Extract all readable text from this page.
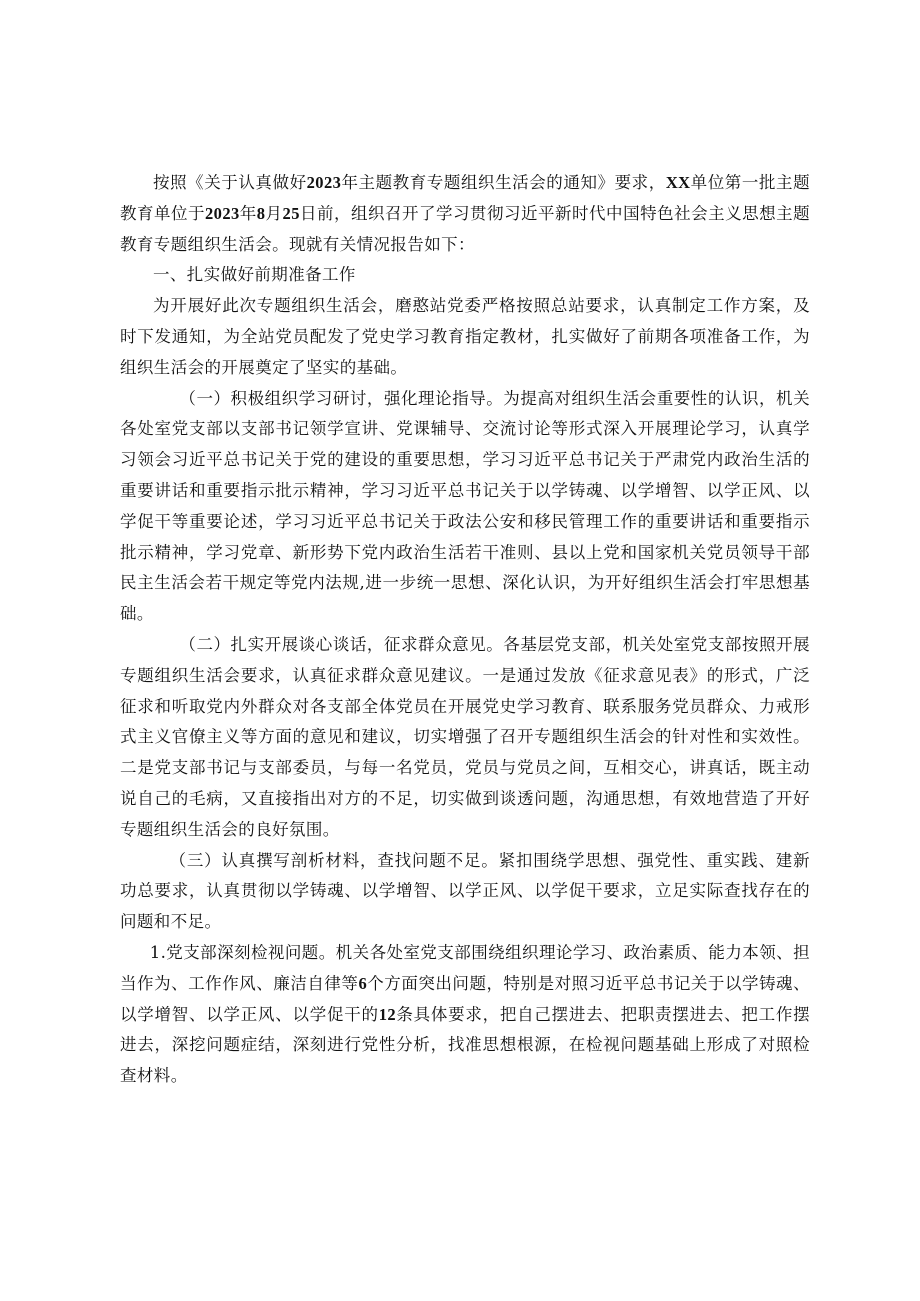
按照《关于认真做好2023年主题教育专题组织生活会的通知》要求，XX单位第一批主题教育单位于2023年8月25日前，组织召开了学习贯彻习近平新时代中国特色社会主义思想主题教育专题组织生活会。现就有关情况报告如下：

一、扎实做好前期准备工作

为开展好此次专题组织生活会，磨憨站党委严格按照总站要求，认真制定工作方案，及时下发通知，为全站党员配发了党史学习教育指定教材，扎实做好了前期各项准备工作，为组织生活会的开展奠定了坚实的基础。

（一）积极组织学习研讨，强化理论指导。为提高对组织生活会重要性的认识，机关各处室党支部以支部书记领学宣讲、党课辅导、交流讨论等形式深入开展理论学习，认真学习领会习近平总书记关于党的建设的重要思想，学习习近平总书记关于严肃党内政治生活的重要讲话和重要指示批示精神，学习习近平总书记关于以学铸魂、以学增智、以学正风、以学促干等重要论述，学习习近平总书记关于政法公安和移民管理工作的重要讲话和重要指示批示精神，学习党章、新形势下党内政治生活若干准则、县以上党和国家机关党员领导干部民主生活会若干规定等党内法规,进一步统一思想、深化认识，为开好组织生活会打牢思想基础。

（二）扎实开展谈心谈话，征求群众意见。各基层党支部，机关处室党支部按照开展专题组织生活会要求，认真征求群众意见建议。一是通过发放《征求意见表》的形式，广泛征求和听取党内外群众对各支部全体党员在开展党史学习教育、联系服务党员群众、力戒形式主义官僚主义等方面的意见和建议，切实增强了召开专题组织生活会的针对性和实效性。二是党支部书记与支部委员，与每一名党员，党员与党员之间，互相交心，讲真话，既主动说自己的毛病，又直接指出对方的不足，切实做到谈透问题，沟通思想，有效地营造了开好专题组织生活会的良好氛围。

（三）认真撰写剖析材料，查找问题不足。紧扣围绕学思想、强党性、重实践、建新功总要求，认真贯彻以学铸魂、以学增智、以学正风、以学促干要求，立足实际查找存在的问题和不足。

1.党支部深刻检视问题。机关各处室党支部围绕组织理论学习、政治素质、能力本领、担当作为、工作作风、廉洁自律等6个方面突出问题，特别是对照习近平总书记关于以学铸魂、以学增智、以学正风、以学促干的12条具体要求，把自己摆进去、把职责摆进去、把工作摆进去，深挖问题症结，深刻进行党性分析，找准思想根源，在检视问题基础上形成了对照检查材料。
